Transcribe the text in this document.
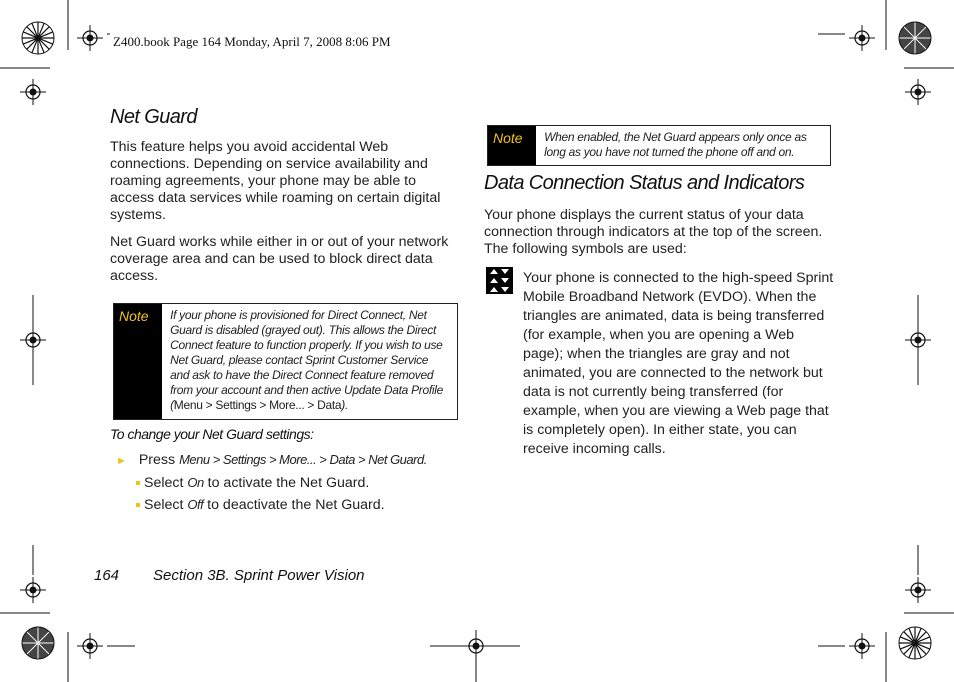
Z400.book Page 164 Monday, April 7, 2008 8:06 PM
Net Guard

This feature helps you avoid accidental Web connections. Depending on service availability and roaming agreements, your phone may be able to access data services while roaming on certain digital systems.

Net Guard works while either in or out of your network coverage area and can be used to block direct data access.

Note	If your phone is provisioned for Direct Connect, Net Guard is disabled (grayed out). This allows the Direct Connect feature to function properly. If you wish to use Net Guard, please contact Sprint Customer Service and ask to have the Direct Connect feature removed from your account and then active Update Data Profile (Menu > Settings > More... > Data).
To change your Net Guard settings:
► Press Menu > Settings > More... > Data > Net Guard.
Select On to activate the Net Guard.
Select Off to deactivate the Net Guard.
Note	When enabled, the Net Guard appears only once as long as you have not turned the phone off and on.
Data Connection Status and Indicators

Your phone displays the current status of your data connection through indicators at the top of the screen. The following symbols are used:

Your phone is connected to the high-speed Sprint Mobile Broadband Network (EVDO). When the triangles are animated, data is being transferred (for example, when you are opening a Web page); when the triangles are gray and not animated, you are connected to the network but data is not currently being transferred (for example, when you are viewing a Web page that is completely open). In either state, you can receive incoming calls.

164 Section 3B. Sprint Power Vision
